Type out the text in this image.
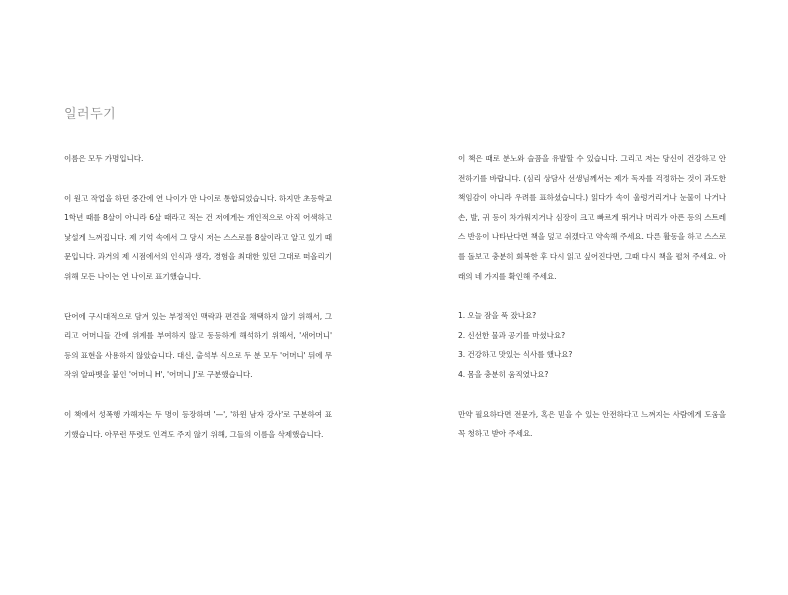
일러두기

이름은 모두 가명입니다.

이 원고 작업을 하던 중간에 연 나이가 만 나이로 통합되었습니다. 하지만 초등학교 1학년 때를 8살이 아니라 6살 때라고 적는 건 저에게는 개인적으로 아직 어색하고 낯설게 느껴집니다. 제 기억 속에서 그 당시 저는 스스로를 8살이라고 알고 있기 때문입니다. 과거의 제 시점에서의 인식과 생각, 경험을 최대한 있던 그대로 떠올리기 위해 모든 나이는 연 나이로 표기했습니다.

단어에 구시대적으로 담겨 있는 부정적인 맥락과 편견을 채택하지 않기 위해서, 그리고 어머니들 간에 위계를 부여하지 않고 동등하게 해석하기 위해서, '새어머니' 등의 표현을 사용하지 않았습니다. 대신, 출석부 식으로 두 분 모두 '어머니' 뒤에 무작위 알파벳을 붙인 '어머니 H', '어머니 J'로 구분했습니다.

이 책에서 성폭행 가해자는 두 명이 등장하며 '—', '하윈 남자 강사'로 구분하여 표기했습니다. 아무런 뚜렷도 인격도 주지 않기 위해, 그들의 이름을 삭제했습니다.

이 책은 때로 분노와 슬픔을 유발할 수 있습니다. 그리고 저는 당신이 건강하고 안전하기를 바랍니다. (심리 상담사 선생님께서는 제가 독자를 걱정하는 것이 과도한 책임감이 아니라 우려를 표하셨습니다.) 읽다가 속이 울렁거리거나 눈물이 나거나 손, 발, 귀 등이 차가워지거나 심장이 크고 빠르게 뛰거나 머리가 아픈 등의 스트레스 반응이 나타난다면 책을 덮고 쉬겠다고 약속해 주세요. 다른 활동을 하고 스스로를 돌보고 충분히 회복한 후 다시 읽고 싶어진다면, 그때 다시 책을 펼쳐 주세요. 아래의 네 가지를 확인해 주세요.

1. 오늘 잠을 푹 잤나요?
2. 신선한 물과 공기를 마셨나요?
3. 건강하고 맛있는 식사를 했나요?
4. 몸을 충분히 움직였나요?

만약 필요하다면 전문가, 혹은 믿을 수 있는 안전하다고 느껴지는 사람에게 도움을 꼭 청하고 받아 주세요.
